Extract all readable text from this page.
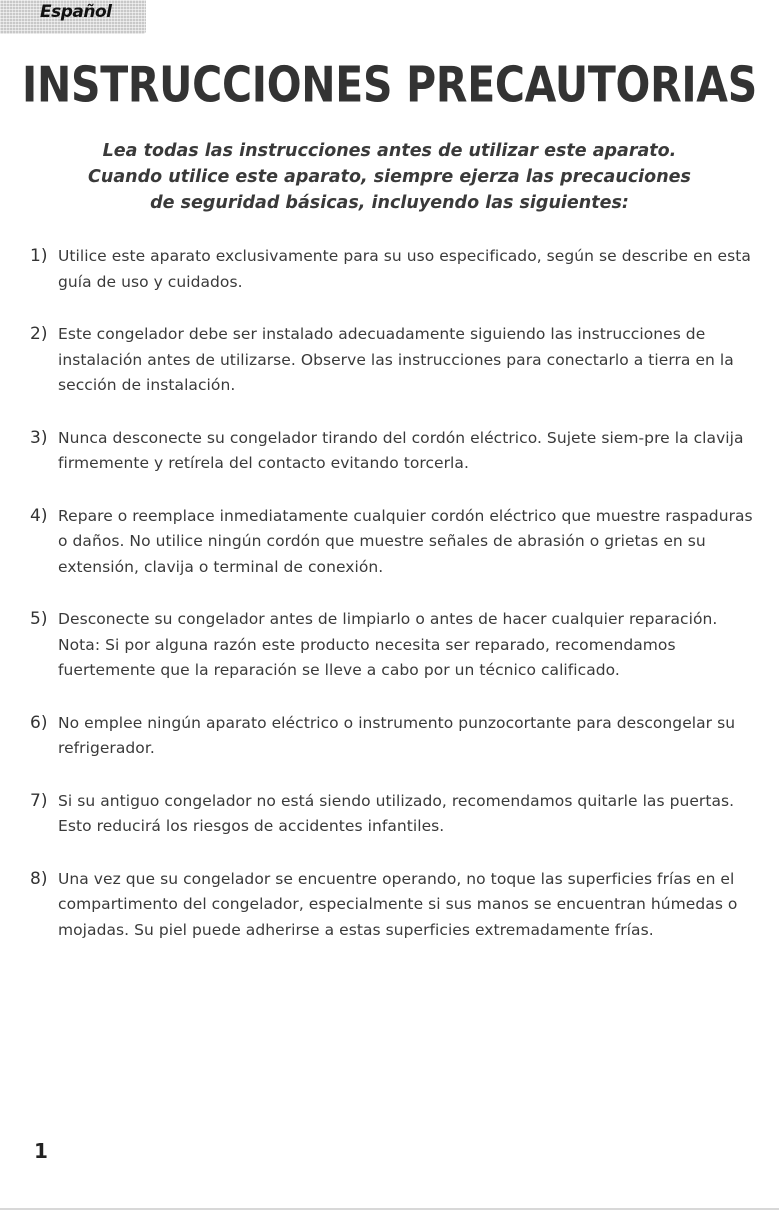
Español
INSTRUCCIONES PRECAUTORIAS
Lea todas las instrucciones antes de utilizar este aparato.
Cuando utilice este aparato, siempre ejerza las precauciones
de seguridad básicas, incluyendo las siguientes:
1) Utilice este aparato exclusivamente para su uso especificado, según se describe en esta guía de uso y cuidados.
2) Este congelador debe ser instalado adecuadamente siguiendo las instrucciones de instalación antes de utilizarse. Observe las instrucciones para conectarlo a tierra en la sección de instalación.
3) Nunca desconecte su congelador tirando del cordón eléctrico. Sujete siem-pre la clavija firmemente y retírela del contacto evitando torcerla.
4) Repare o reemplace inmediatamente cualquier cordón eléctrico que muestre raspaduras o daños. No utilice ningún cordón que muestre señales de abrasión o grietas en su extensión, clavija o terminal de conexión.
5) Desconecte su congelador antes de limpiarlo o antes de hacer cualquier reparación. Nota: Si por alguna razón este producto necesita ser reparado, recomendamos fuertemente que la reparación se lleve a cabo por un técnico calificado.
6) No emplee ningún aparato eléctrico o instrumento punzocortante para descongelar su refrigerador.
7) Si su antiguo congelador no está siendo utilizado, recomendamos quitarle las puertas. Esto reducirá los riesgos de accidentes infantiles.
8) Una vez que su congelador se encuentre operando, no toque las superficies frías en el compartimento del congelador, especialmente si sus manos se encuentran húmedas o mojadas. Su piel puede adherirse a estas superficies extremadamente frías.
1
